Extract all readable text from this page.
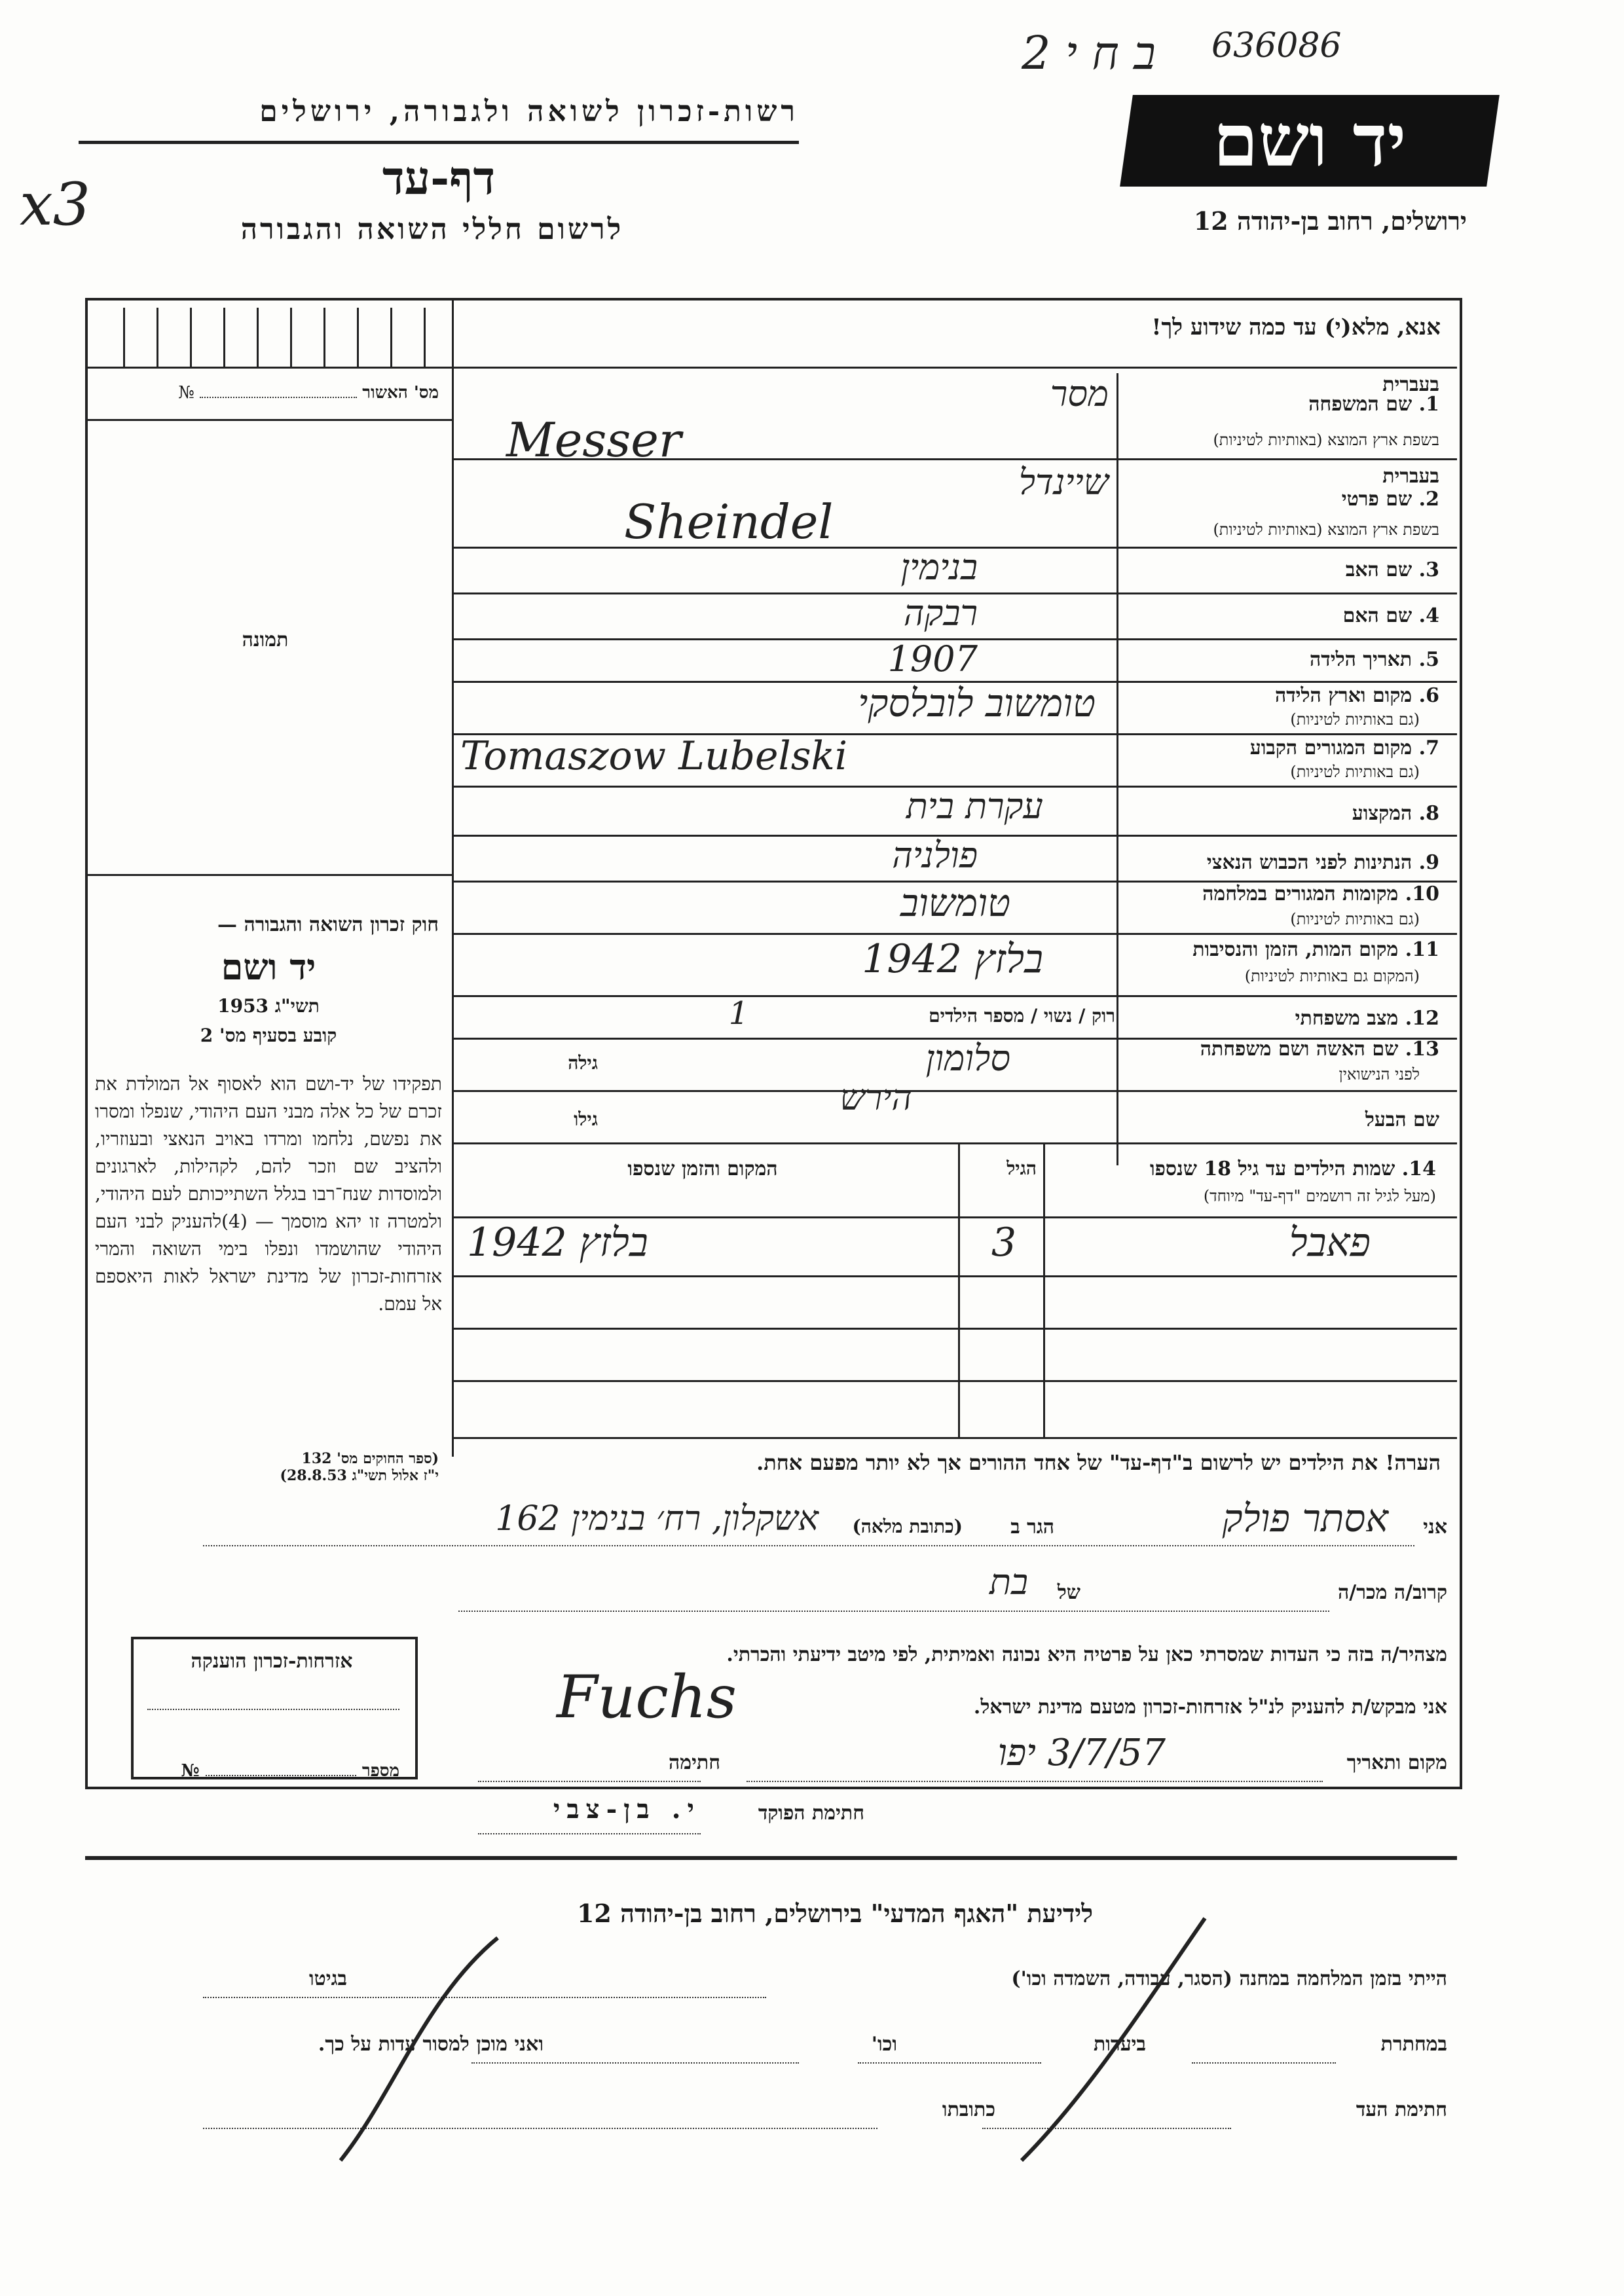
ב ח י 2 636086
x3
רשות-זכרון לשואה ולגבורה, ירושלים
דף-עד
לרשום חללי השואה והגבורה
יד ושם
ירושלים, רחוב בן-יהודה 12
אנא, מלא(י) עד כמה שידוע לך!
מס' האשור  №
תמונה
חוק זכרון השואה והגבורה —
יד ושם
תשי"ג 1953
קובע בסעיף מס' 2
תפקידו של יד-ושם הוא לאסוף אל המולדת את זכרם של כל אלה מבני העם היהודי, שנפלו ומסרו את נפשם, נלחמו ומרדו באויב הנאצי ובעוזריו, ולהציב שם וזכר להם, לקהילות, לארגונים ולמוסדות שנח־רבו בגלל השתייכותם לעם היהודי, ולמטרה זו יהא מוסמך — (4)להעניק לבני העם היהודי שהושמדו ונפלו בימי השואה והמרי אזרחות-זכרון של מדינת ישראל לאות היאספם אל עמם.
(ספר החוקים מס' 132
י"ז אלול תשי"ג 28.8.53)
1. שם המשפחה
בעברית
בשפת ארץ המוצא (באותיות לטיניות)
מסר
Messer
2. שם פרטי
בעברית
בשפת ארץ המוצא (באותיות לטיניות)
שיינדל
Sheindel
3. שם האב
בנימין
4. שם האם
רבקה
5. תאריך הלידה
1907
6. מקום וארץ הלידה
(גם באותיות לטיניות)
טומשוב לובלסקי
7. מקום המגורים הקבוע
(גם באותיות לטיניות)
Tomaszow Lubelski
8. המקצוע
עקרת בית
9. הנתינות לפני הכבוש הנאצי
פולניה
10. מקומות המגורים במלחמה
(גם באותיות לטיניות)
טומשוב
11. מקום המות, הזמן והנסיבות
(המקום גם באותיות לטיניות)
בלזץ 1942
12. מצב משפחתי
רוק / נשוי / מספר הילדים
1
13. שם האשה ושם משפחתה
לפני הנישואין
גילה	סלומון
שם הבעל
גילו
הירש
14. שמות הילדים עד גיל 18 שנספו
(מעל לגיל זה רושמים "דף-עד" מיוחד)
הגיל
המקום והזמן שנספו
פאבל
3
בלזץ 1942
הערה! את הילדים יש לרשום ב"דף-עד" של אחד ההורים אך לא יותר מפעם אחת.
אני
אסתר פולק
הגר ב
(כתובת מלאה)
אשקלון, רח׳ בנימין 162
קרוב/ה מכר/ה
של
בת
מצהיר/ה בזה כי העדות שמסרתי כאן על פרטיה היא נכונה ואמיתית, לפי מיטב ידיעתי והכרתי.
אני מבקש/ת להעניק לנ"ל אזרחות-זכרון מטעם מדינת ישראל.
Fuchs
מקום ותאריך
3/7/57 יפו
חתימה
חתימת הפוקד
י. בן-צבי
אזרחות-זכרון הוענקה
מספר  №
לידיעת "האגף המדעי" בירושלים, רחוב בן-יהודה 12
הייתי בזמן המלחמה במחנה (הסגר, עבודה, השמדה וכו')
בגיטו
במחתרת
ביערות
וכו'
ואני מוכן למסור עדות על כך.
חתימת העד
כתובתו
